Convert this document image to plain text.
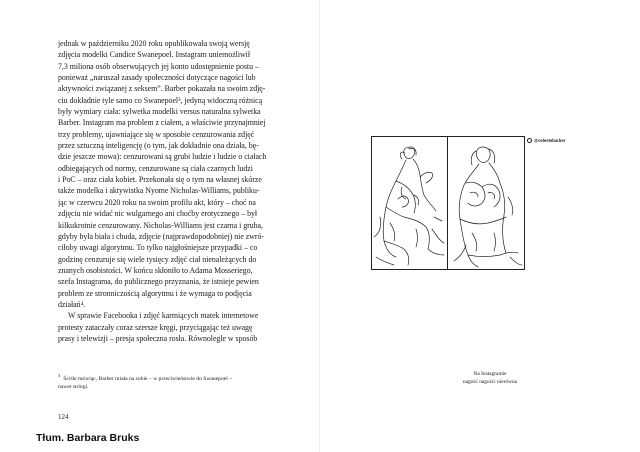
jednak w październiku 2020 roku opublikowała swoją wersję
zdjęcia modelki Candice Swanepoel. Instagram uniemożliwił
7,3 miliona osób obserwujących jej konto udostępnienie postu –
ponieważ „naruszał zasady społeczności dotyczące nagości lub
aktywności związanej z seksem”. Barber pokazała na swoim zdję-
ciu dokładnie tyle samo co Swanepoel³, jedyną widoczną różnicą
były wymiary ciała: sylwetka modelki versus naturalna sylwetka
Barber. Instagram ma problem z ciałem, a właściwie przynajmniej
trzy problemy, ujawniające się w sposobie cenzurowania zdjęć
przez sztuczną inteligencję (o tym, jak dokładnie ona działa, bę-
dzie jeszcze mowa): cenzurowani są grubi ludzie i ludzie o ciałach
odbiegających od normy, cenzurowane są ciała czarnych ludzi
i PoC – oraz ciała kobiet. Przekonała się o tym na własnej skórze
także modelka i aktywistka Nyome Nicholas-Williams, publiku-
jąc w czerwcu 2020 roku na swoim profilu akt, który – choć na
zdjęciu nie widać nic wulgarnego ani choćby erotycznego – był
kilkukrotnie cenzurowany. Nicholas-Williams jest czarna i gruba,
gdyby była biała i chuda, zdjęcie (najprawdopodobniej) nie zwró-
ciłoby uwagi algorytmu. To tylko najgłośniejsze przypadki – co
godzinę cenzuruje się wiele tysięcy zdjęć ciał nienależących do
znanych osobistości. W końcu skłoniło to Adama Mosseriego,
szefa Instagrama, do publicznego przyznania, że istnieje pewien
problem ze stronniczością algorytmu i że wymaga to podjęcia
działań⁴.

W sprawie Facebooka i zdjęć karmiących matek internetowe
protesty zataczały coraz szersze kręgi, przyciągając też uwagę
prasy i telewizji – presja społeczna rosła. Równolegle w sposób

$^3$Ściśle mówiąc, Barber miała na sobie – w przeciwieństwie do Swanepoel –
nawet stringi.
124
Tłum. Barbara Bruks
@celestebarber
Na Instagramie
nagość nagości nierówna
